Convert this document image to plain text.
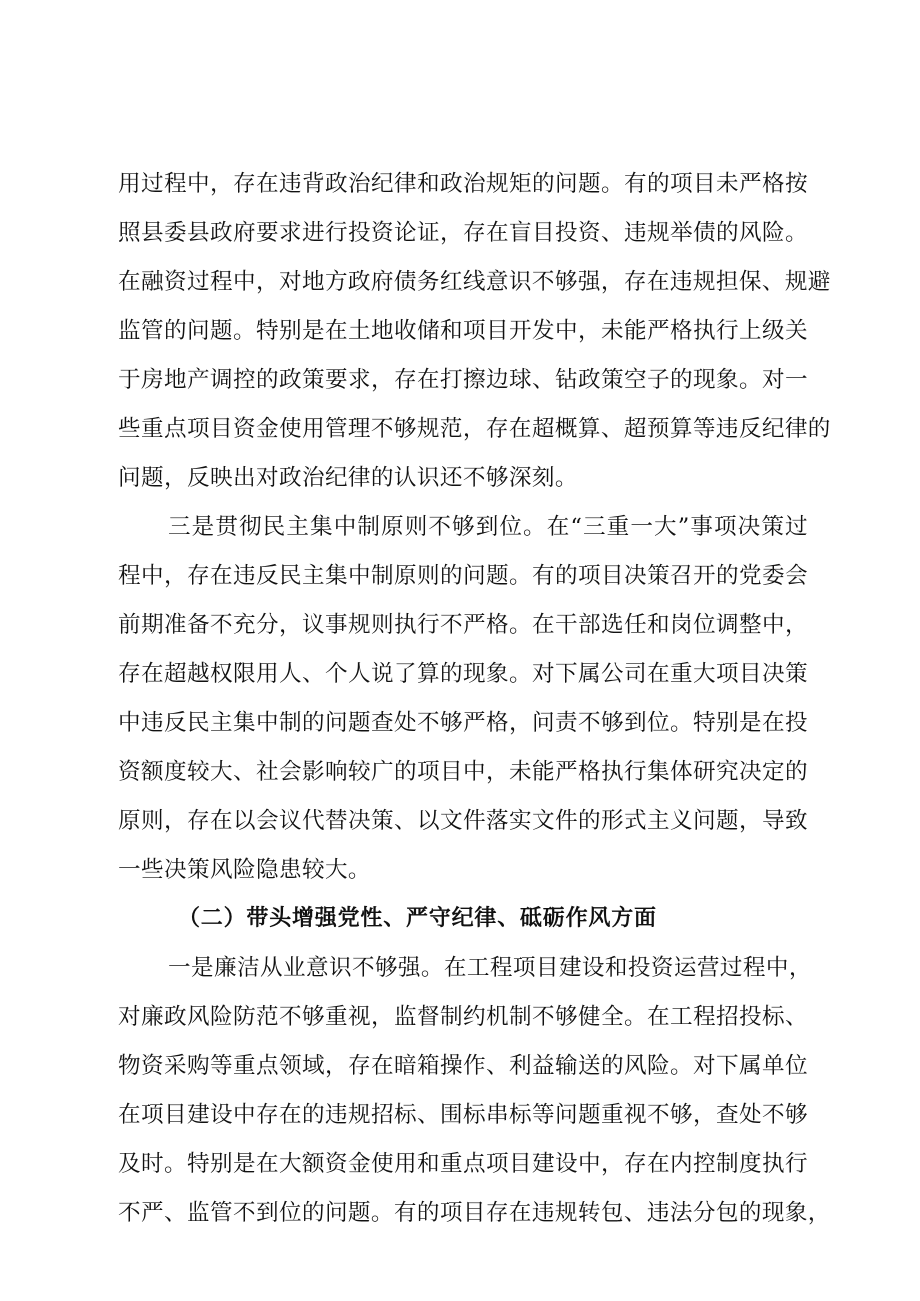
用过程中，存在违背政治纪律和政治规矩的问题。有的项目未严格按
照县委县政府要求进行投资论证，存在盲目投资、违规举债的风险。
在融资过程中，对地方政府债务红线意识不够强，存在违规担保、规避
监管的问题。特别是在土地收储和项目开发中，未能严格执行上级关
于房地产调控的政策要求，存在打擦边球、钻政策空子的现象。对一
些重点项目资金使用管理不够规范，存在超概算、超预算等违反纪律的
问题，反映出对政治纪律的认识还不够深刻。
三是贯彻民主集中制原则不够到位。在“三重一大”事项决策过
程中，存在违反民主集中制原则的问题。有的项目决策召开的党委会
前期准备不充分，议事规则执行不严格。在干部选任和岗位调整中，
存在超越权限用人、个人说了算的现象。对下属公司在重大项目决策
中违反民主集中制的问题查处不够严格，问责不够到位。特别是在投
资额度较大、社会影响较广的项目中，未能严格执行集体研究决定的
原则，存在以会议代替决策、以文件落实文件的形式主义问题，导致
一些决策风险隐患较大。
（二）带头增强党性、严守纪律、砥砺作风方面
一是廉洁从业意识不够强。在工程项目建设和投资运营过程中，
对廉政风险防范不够重视，监督制约机制不够健全。在工程招投标、
物资采购等重点领域，存在暗箱操作、利益输送的风险。对下属单位
在项目建设中存在的违规招标、围标串标等问题重视不够，查处不够
及时。特别是在大额资金使用和重点项目建设中，存在内控制度执行
不严、监管不到位的问题。有的项目存在违规转包、违法分包的现象，
